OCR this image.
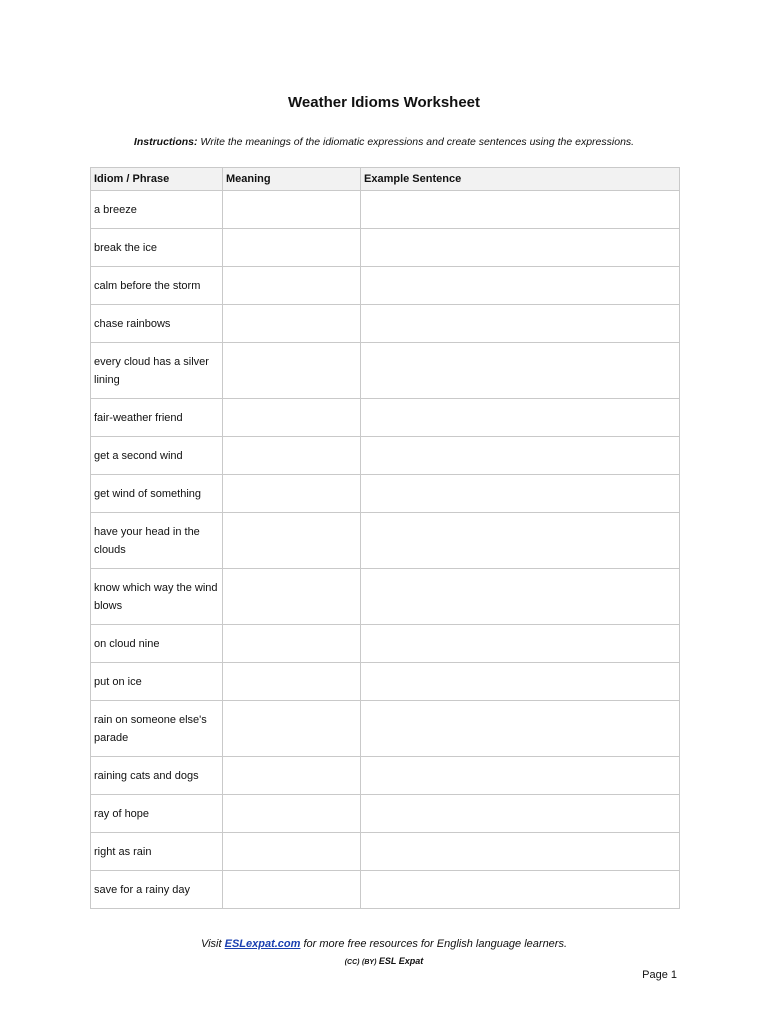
Weather Idioms Worksheet
Instructions: Write the meanings of the idiomatic expressions and create sentences using the expressions.
Idiom / Phrase	Meaning	Example Sentence
a breeze		
break the ice		
calm before the storm		
chase rainbows		
every cloud has a silver lining		
fair-weather friend		
get a second wind		
get wind of something		
have your head in the clouds		
know which way the wind blows		
on cloud nine		
put on ice		
rain on someone else's parade		
raining cats and dogs		
ray of hope		
right as rain		
save for a rainy day		
Visit ESLexpat.com for more free resources for English language learners.
(CC) (BY) ESL Expat
Page 1
